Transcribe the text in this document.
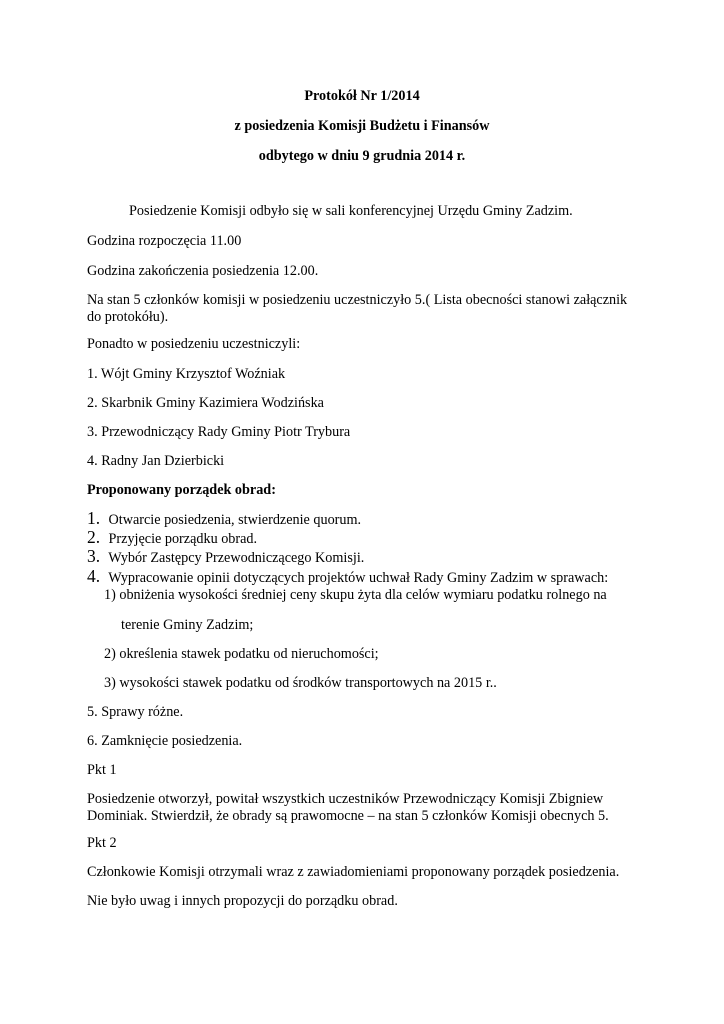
Protokół Nr 1/2014
z posiedzenia Komisji Budżetu i Finansów
odbytego w dniu 9 grudnia 2014 r.
Posiedzenie Komisji odbyło się w sali konferencyjnej Urzędu Gminy Zadzim.
Godzina rozpoczęcia 11.00
Godzina zakończenia posiedzenia 12.00.
Na stan 5 członków komisji w posiedzeniu uczestniczyło 5.( Lista obecności stanowi załącznik do protokółu).
Ponadto w posiedzeniu uczestniczyli:
1. Wójt Gminy Krzysztof Woźniak
2. Skarbnik Gminy Kazimiera Wodzińska
3. Przewodniczący Rady Gminy Piotr Trybura
4. Radny Jan Dzierbicki
Proponowany porządek obrad:
1. Otwarcie posiedzenia, stwierdzenie quorum.
2. Przyjęcie porządku obrad.
3. Wybór Zastępcy Przewodniczącego Komisji.
4. Wypracowanie opinii dotyczących projektów uchwał Rady Gminy Zadzim w sprawach:
1) obniżenia wysokości średniej ceny skupu żyta dla celów wymiaru podatku rolnego na
terenie Gminy Zadzim;
2) określenia stawek podatku od nieruchomości;
3) wysokości stawek podatku od środków transportowych na 2015 r..
5. Sprawy różne.
6. Zamknięcie posiedzenia.
Pkt 1
Posiedzenie otworzył, powitał wszystkich uczestników Przewodniczący Komisji Zbigniew Dominiak. Stwierdził, że obrady są prawomocne – na stan 5 członków Komisji obecnych 5.
Pkt 2
Członkowie Komisji otrzymali wraz z zawiadomieniami proponowany porządek posiedzenia.
Nie było uwag i innych propozycji do porządku obrad.
